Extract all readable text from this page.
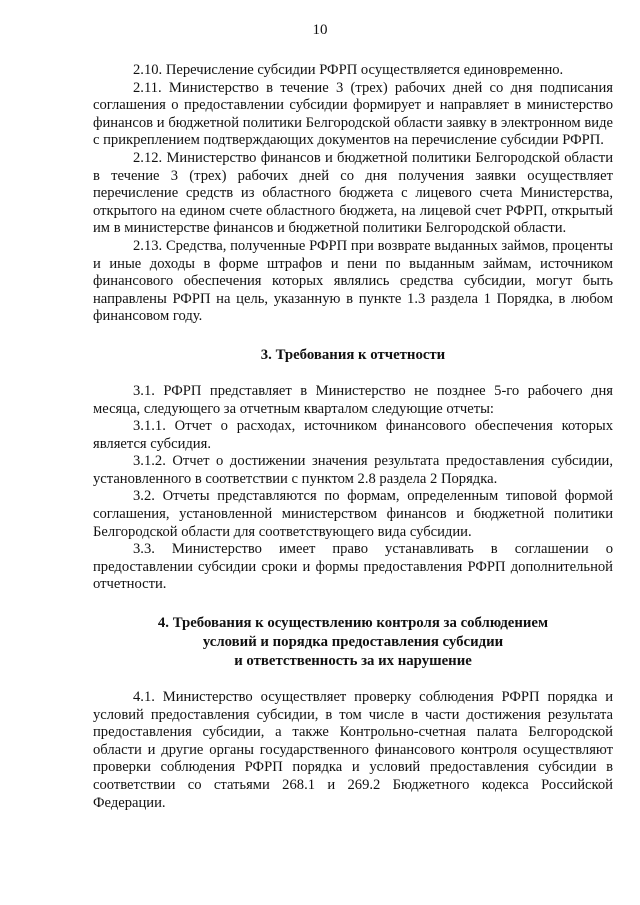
10

2.10. Перечисление субсидии РФРП осуществляется единовременно.

2.11. Министерство в течение 3 (трех) рабочих дней со дня подписания соглашения о предоставлении субсидии формирует и направляет в министерство финансов и бюджетной политики Белгородской области заявку в электронном виде с прикреплением подтверждающих документов на перечисление субсидии РФРП.

2.12. Министерство финансов и бюджетной политики Белгородской области в течение 3 (трех) рабочих дней со дня получения заявки осуществляет перечисление средств из областного бюджета с лицевого счета Министерства, открытого на едином счете областного бюджета, на лицевой счет РФРП, открытый им в министерстве финансов и бюджетной политики Белгородской области.

2.13. Средства, полученные РФРП при возврате выданных займов, проценты и иные доходы в форме штрафов и пени по выданным займам, источником финансового обеспечения которых являлись средства субсидии, могут быть направлены РФРП на цель, указанную в пункте 1.3 раздела 1 Порядка, в любом финансовом году.

3. Требования к отчетности

3.1. РФРП представляет в Министерство не позднее 5-го рабочего дня месяца, следующего за отчетным кварталом следующие отчеты:

3.1.1. Отчет о расходах, источником финансового обеспечения которых является субсидия.

3.1.2. Отчет о достижении значения результата предоставления субсидии, установленного в соответствии с пунктом 2.8 раздела 2 Порядка.

3.2. Отчеты представляются по формам, определенным типовой формой соглашения, установленной министерством финансов и бюджетной политики Белгородской области для соответствующего вида субсидии.

3.3. Министерство имеет право устанавливать в соглашении о предоставлении субсидии сроки и формы предоставления РФРП дополнительной отчетности.

4. Требования к осуществлению контроля за соблюдением
условий и порядка предоставления субсидии
и ответственность за их нарушение

4.1. Министерство осуществляет проверку соблюдения РФРП порядка и условий предоставления субсидии, в том числе в части достижения результата предоставления субсидии, а также Контрольно-счетная палата Белгородской области и другие органы государственного финансового контроля осуществляют проверки соблюдения РФРП порядка и условий предоставления субсидии в соответствии со статьями 268.1 и 269.2 Бюджетного кодекса Российской Федерации.
